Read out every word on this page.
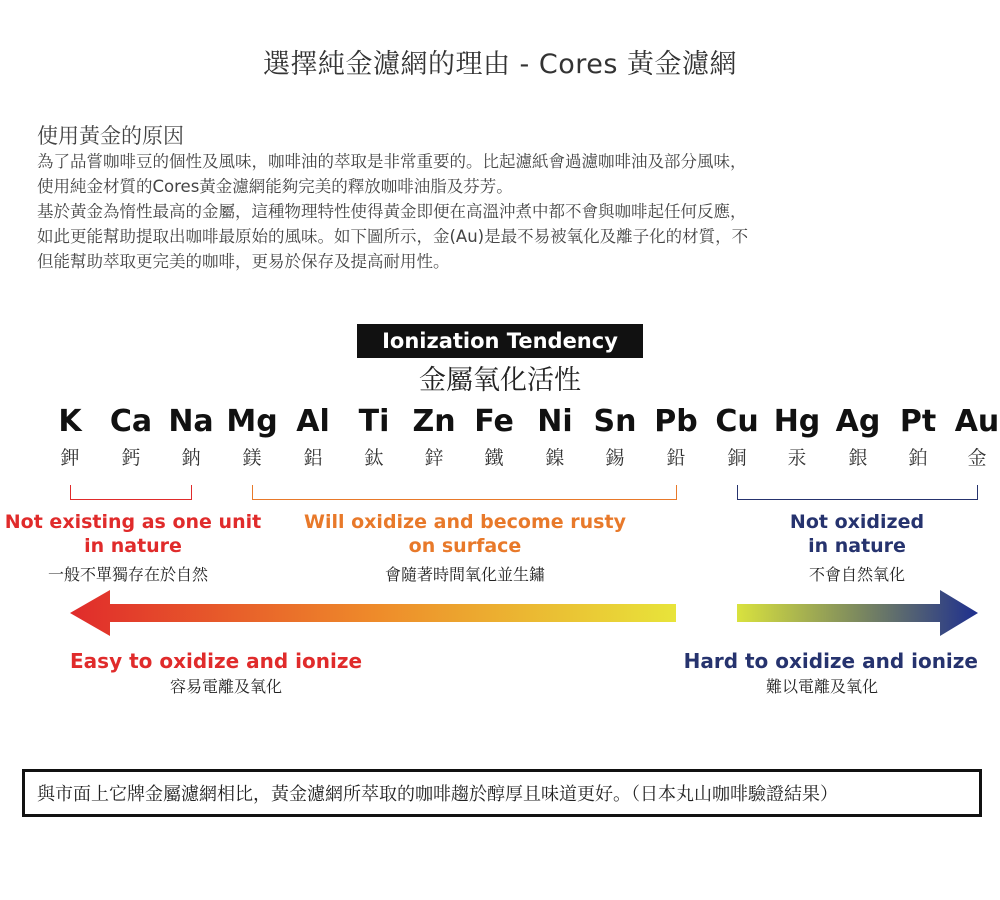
選擇純金濾網的理由 - Cores 黃金濾網
使用黃金的原因

為了品嘗咖啡豆的個性及風味，咖啡油的萃取是非常重要的。比起濾紙會過濾咖啡油及部分風味，

使用純金材質的Cores黃金濾網能夠完美的釋放咖啡油脂及芬芳。

基於黃金為惰性最高的金屬，這種物理特性使得黃金即便在高溫沖煮中都不會與咖啡起任何反應，

如此更能幫助提取出咖啡最原始的風味。如下圖所示，金(Au)是最不易被氧化及離子化的材質，不

但能幫助萃取更完美的咖啡，更易於保存及提高耐用性。

Ionization Tendency
金屬氧化活性
K Ca Na Mg Al Ti Zn Fe Ni Sn Pb Cu Hg Ag Pt Au
鉀 鈣 鈉 鎂 鋁 鈦 鋅 鐵 鎳 錫 鉛 銅 汞 銀 鉑 金
Not existing as one unit
in nature
一般不單獨存在於自然
Will oxidize and become rusty
on surface
會隨著時間氧化並生鏽
Not oxidized
in nature
不會自然氧化
Easy to oxidize and ionize
容易電離及氧化
Hard to oxidize and ionize
難以電離及氧化
與市面上它牌金屬濾網相比，黃金濾網所萃取的咖啡趨於醇厚且味道更好。（日本丸山咖啡驗證結果）
